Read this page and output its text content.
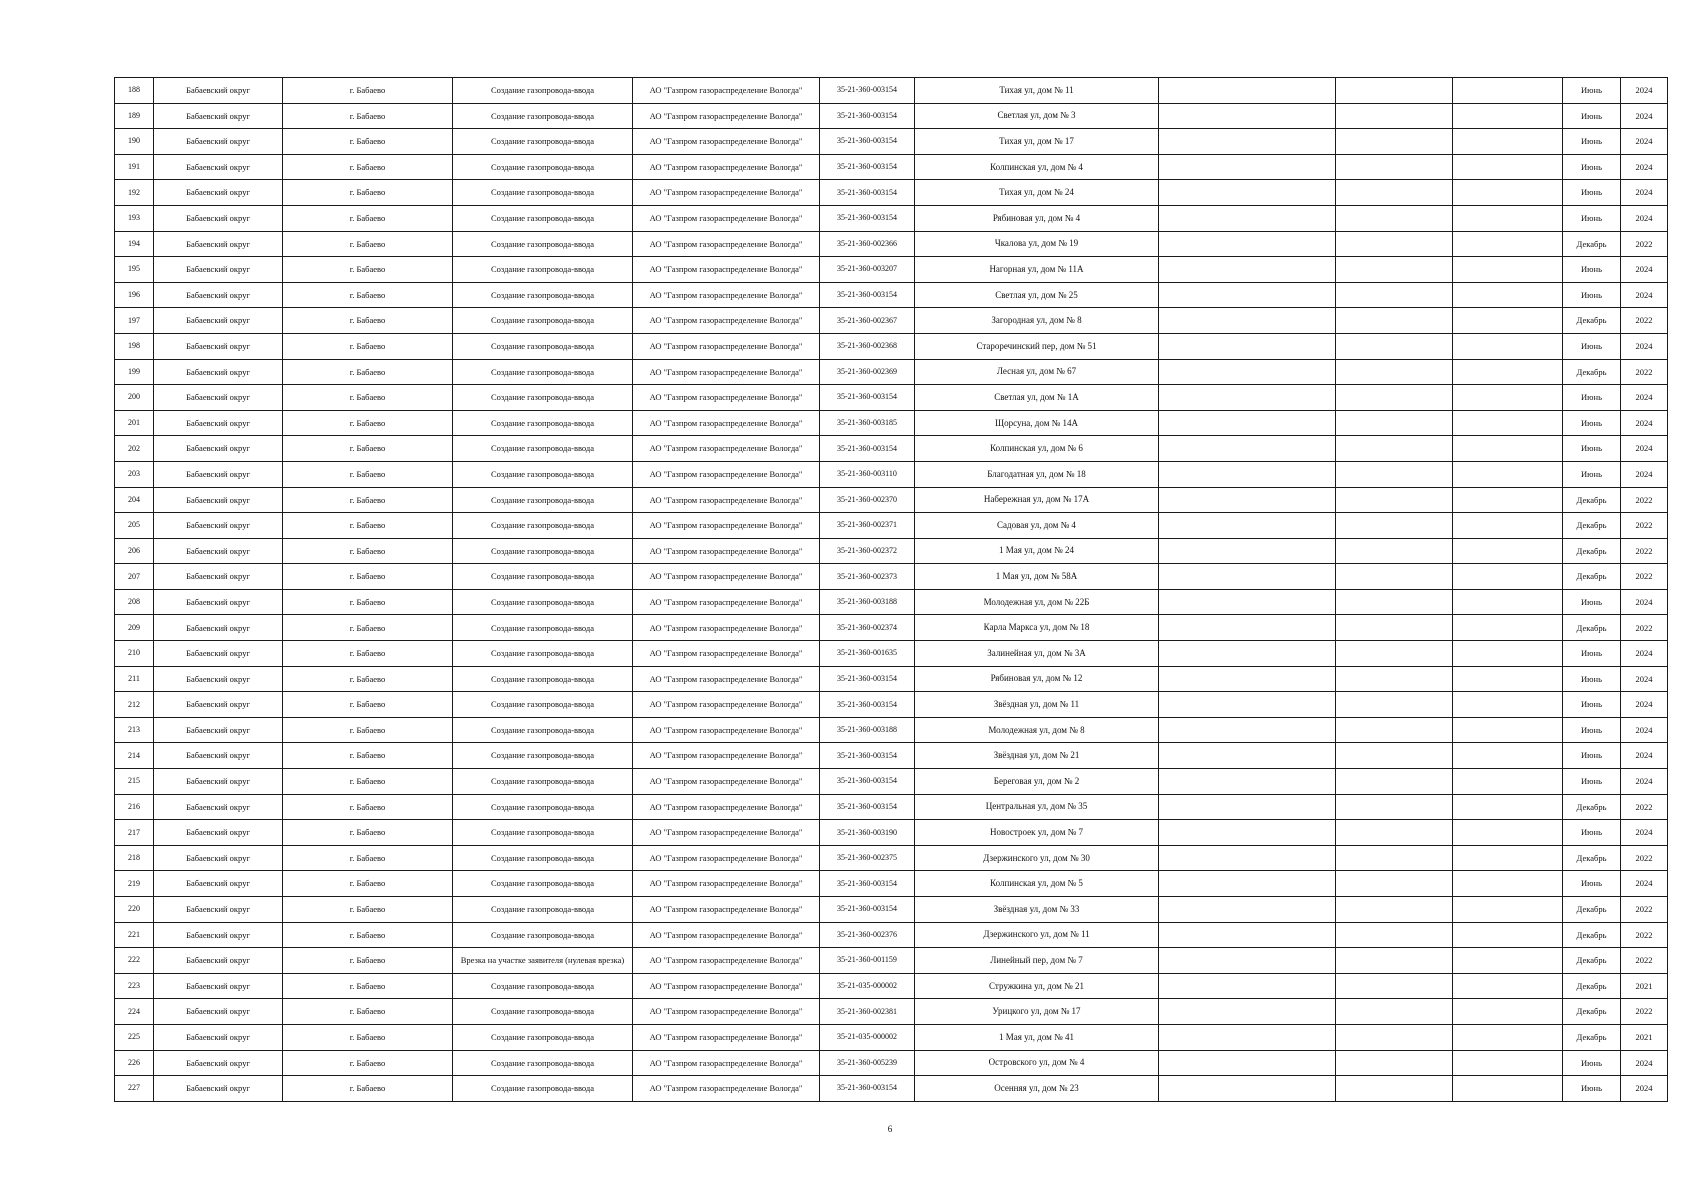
188	Бабаевский округ	г. Бабаево	Создание газопровода-ввода	АО "Газпром газораспределение Вологда"	35-21-360-003154	Тихая ул, дом № 11				Июнь	2024
189	Бабаевский округ	г. Бабаево	Создание газопровода-ввода	АО "Газпром газораспределение Вологда"	35-21-360-003154	Светлая ул, дом № 3				Июнь	2024
190	Бабаевский округ	г. Бабаево	Создание газопровода-ввода	АО "Газпром газораспределение Вологда"	35-21-360-003154	Тихая ул, дом № 17				Июнь	2024
191	Бабаевский округ	г. Бабаево	Создание газопровода-ввода	АО "Газпром газораспределение Вологда"	35-21-360-003154	Колпинская ул, дом № 4				Июнь	2024
192	Бабаевский округ	г. Бабаево	Создание газопровода-ввода	АО "Газпром газораспределение Вологда"	35-21-360-003154	Тихая ул, дом № 24				Июнь	2024
193	Бабаевский округ	г. Бабаево	Создание газопровода-ввода	АО "Газпром газораспределение Вологда"	35-21-360-003154	Рябиновая ул, дом № 4				Июнь	2024
194	Бабаевский округ	г. Бабаево	Создание газопровода-ввода	АО "Газпром газораспределение Вологда"	35-21-360-002366	Чкалова ул, дом № 19				Декабрь	2022
195	Бабаевский округ	г. Бабаево	Создание газопровода-ввода	АО "Газпром газораспределение Вологда"	35-21-360-003207	Нагорная ул, дом № 11А				Июнь	2024
196	Бабаевский округ	г. Бабаево	Создание газопровода-ввода	АО "Газпром газораспределение Вологда"	35-21-360-003154	Светлая ул, дом № 25				Июнь	2024
197	Бабаевский округ	г. Бабаево	Создание газопровода-ввода	АО "Газпром газораспределение Вологда"	35-21-360-002367	Загородная ул, дом № 8				Декабрь	2022
198	Бабаевский округ	г. Бабаево	Создание газопровода-ввода	АО "Газпром газораспределение Вологда"	35-21-360-002368	Староречинский пер, дом № 51				Июнь	2024
199	Бабаевский округ	г. Бабаево	Создание газопровода-ввода	АО "Газпром газораспределение Вологда"	35-21-360-002369	Лесная ул, дом № 67				Декабрь	2022
200	Бабаевский округ	г. Бабаево	Создание газопровода-ввода	АО "Газпром газораспределение Вологда"	35-21-360-003154	Светлая ул, дом № 1А				Июнь	2024
201	Бабаевский округ	г. Бабаево	Создание газопровода-ввода	АО "Газпром газораспределение Вологда"	35-21-360-003185	Щорсуна, дом № 14А				Июнь	2024
202	Бабаевский округ	г. Бабаево	Создание газопровода-ввода	АО "Газпром газораспределение Вологда"	35-21-360-003154	Колпинская ул, дом № 6				Июнь	2024
203	Бабаевский округ	г. Бабаево	Создание газопровода-ввода	АО "Газпром газораспределение Вологда"	35-21-360-003110	Благодатная ул, дом № 18				Июнь	2024
204	Бабаевский округ	г. Бабаево	Создание газопровода-ввода	АО "Газпром газораспределение Вологда"	35-21-360-002370	Набережная ул, дом № 17А				Декабрь	2022
205	Бабаевский округ	г. Бабаево	Создание газопровода-ввода	АО "Газпром газораспределение Вологда"	35-21-360-002371	Садовая ул, дом № 4				Декабрь	2022
206	Бабаевский округ	г. Бабаево	Создание газопровода-ввода	АО "Газпром газораспределение Вологда"	35-21-360-002372	1 Мая ул, дом № 24				Декабрь	2022
207	Бабаевский округ	г. Бабаево	Создание газопровода-ввода	АО "Газпром газораспределение Вологда"	35-21-360-002373	1 Мая ул, дом № 58А				Декабрь	2022
208	Бабаевский округ	г. Бабаево	Создание газопровода-ввода	АО "Газпром газораспределение Вологда"	35-21-360-003188	Молодежная ул, дом № 22Б				Июнь	2024
209	Бабаевский округ	г. Бабаево	Создание газопровода-ввода	АО "Газпром газораспределение Вологда"	35-21-360-002374	Карла Маркса ул, дом № 18				Декабрь	2022
210	Бабаевский округ	г. Бабаево	Создание газопровода-ввода	АО "Газпром газораспределение Вологда"	35-21-360-001635	Залинейная ул, дом № 3А				Июнь	2024
211	Бабаевский округ	г. Бабаево	Создание газопровода-ввода	АО "Газпром газораспределение Вологда"	35-21-360-003154	Рябиновая ул, дом № 12				Июнь	2024
212	Бабаевский округ	г. Бабаево	Создание газопровода-ввода	АО "Газпром газораспределение Вологда"	35-21-360-003154	Звёздная ул, дом № 11				Июнь	2024
213	Бабаевский округ	г. Бабаево	Создание газопровода-ввода	АО "Газпром газораспределение Вологда"	35-21-360-003188	Молодежная ул, дом № 8				Июнь	2024
214	Бабаевский округ	г. Бабаево	Создание газопровода-ввода	АО "Газпром газораспределение Вологда"	35-21-360-003154	Звёздная ул, дом № 21				Июнь	2024
215	Бабаевский округ	г. Бабаево	Создание газопровода-ввода	АО "Газпром газораспределение Вологда"	35-21-360-003154	Береговая ул, дом № 2				Июнь	2024
216	Бабаевский округ	г. Бабаево	Создание газопровода-ввода	АО "Газпром газораспределение Вологда"	35-21-360-003154	Центральная ул, дом № 35				Декабрь	2022
217	Бабаевский округ	г. Бабаево	Создание газопровода-ввода	АО "Газпром газораспределение Вологда"	35-21-360-003190	Новостроек ул, дом № 7				Июнь	2024
218	Бабаевский округ	г. Бабаево	Создание газопровода-ввода	АО "Газпром газораспределение Вологда"	35-21-360-002375	Дзержинского ул, дом № 30				Декабрь	2022
219	Бабаевский округ	г. Бабаево	Создание газопровода-ввода	АО "Газпром газораспределение Вологда"	35-21-360-003154	Колпинская ул, дом № 5				Июнь	2024
220	Бабаевский округ	г. Бабаево	Создание газопровода-ввода	АО "Газпром газораспределение Вологда"	35-21-360-003154	Звёздная ул, дом № 33				Декабрь	2022
221	Бабаевский округ	г. Бабаево	Создание газопровода-ввода	АО "Газпром газораспределение Вологда"	35-21-360-002376	Дзержинского ул, дом № 11				Декабрь	2022
222	Бабаевский округ	г. Бабаево	Врезка на участке заявителя (нулевая врезка)	АО "Газпром газораспределение Вологда"	35-21-360-001159	Линейный пер, дом № 7				Декабрь	2022
223	Бабаевский округ	г. Бабаево	Создание газопровода-ввода	АО "Газпром газораспределение Вологда"	35-21-035-000002	Стружкина ул, дом № 21				Декабрь	2021
224	Бабаевский округ	г. Бабаево	Создание газопровода-ввода	АО "Газпром газораспределение Вологда"	35-21-360-002381	Урицкого ул, дом № 17				Декабрь	2022
225	Бабаевский округ	г. Бабаево	Создание газопровода-ввода	АО "Газпром газораспределение Вологда"	35-21-035-000002	1 Мая ул, дом № 41				Декабрь	2021
226	Бабаевский округ	г. Бабаево	Создание газопровода-ввода	АО "Газпром газораспределение Вологда"	35-21-360-005239	Островского ул, дом № 4				Июнь	2024
227	Бабаевский округ	г. Бабаево	Создание газопровода-ввода	АО "Газпром газораспределение Вологда"	35-21-360-003154	Осенняя ул, дом № 23				Июнь	2024
6
